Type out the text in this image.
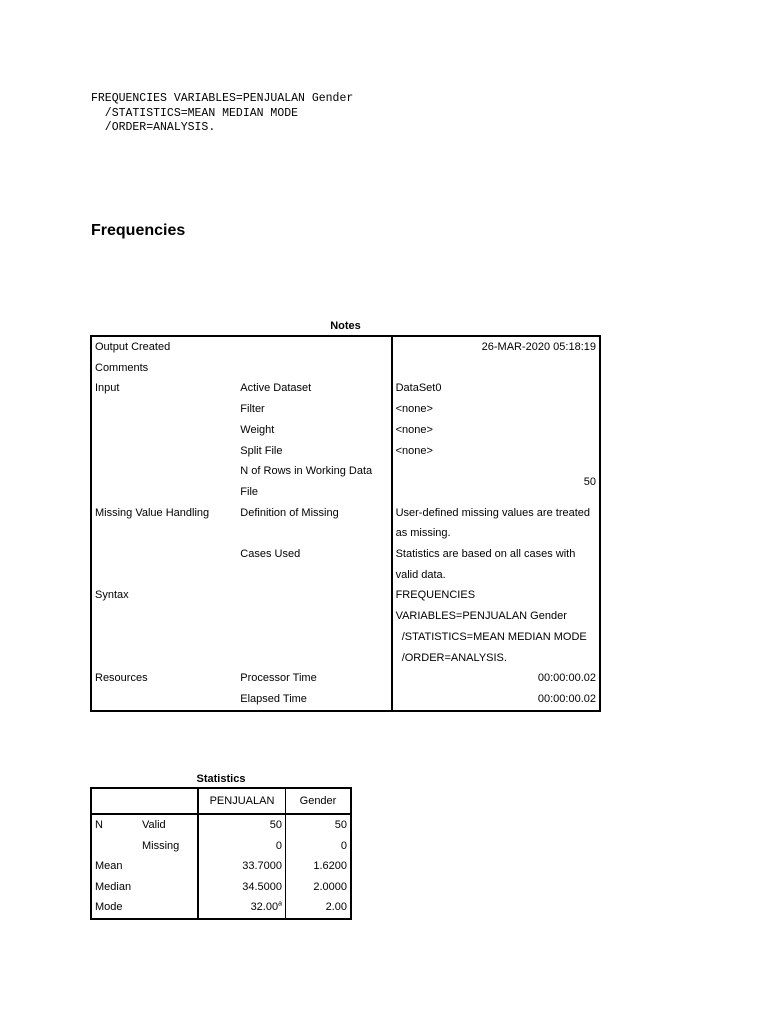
FREQUENCIES VARIABLES=PENJUALAN Gender
/STATISTICS=MEAN MEDIAN MODE
/ORDER=ANALYSIS.
Frequencies
Notes
Output Created		26-MAR-2020 05:18:19
Comments		
Input	Active Dataset	DataSet0
	Filter	<none>
	Weight	<none>
	Split File	<none>
	N of Rows in Working Data	50
	File	
Missing Value Handling	Definition of Missing	User-defined missing values are treated
		as missing.
	Cases Used	Statistics are based on all cases with
		valid data.
Syntax		FREQUENCIES
		VARIABLES=PENJUALAN Gender
		/STATISTICS=MEAN MEDIAN MODE
		/ORDER=ANALYSIS.
Resources	Processor Time	00:00:00.02
	Elapsed Time	00:00:00.02
Statistics
		PENJUALAN	Gender
N	Valid	50	50
	Missing	0	0
Mean		33.7000	1.6200
Median		34.5000	2.0000
Mode		32.00$^a$	2.00
